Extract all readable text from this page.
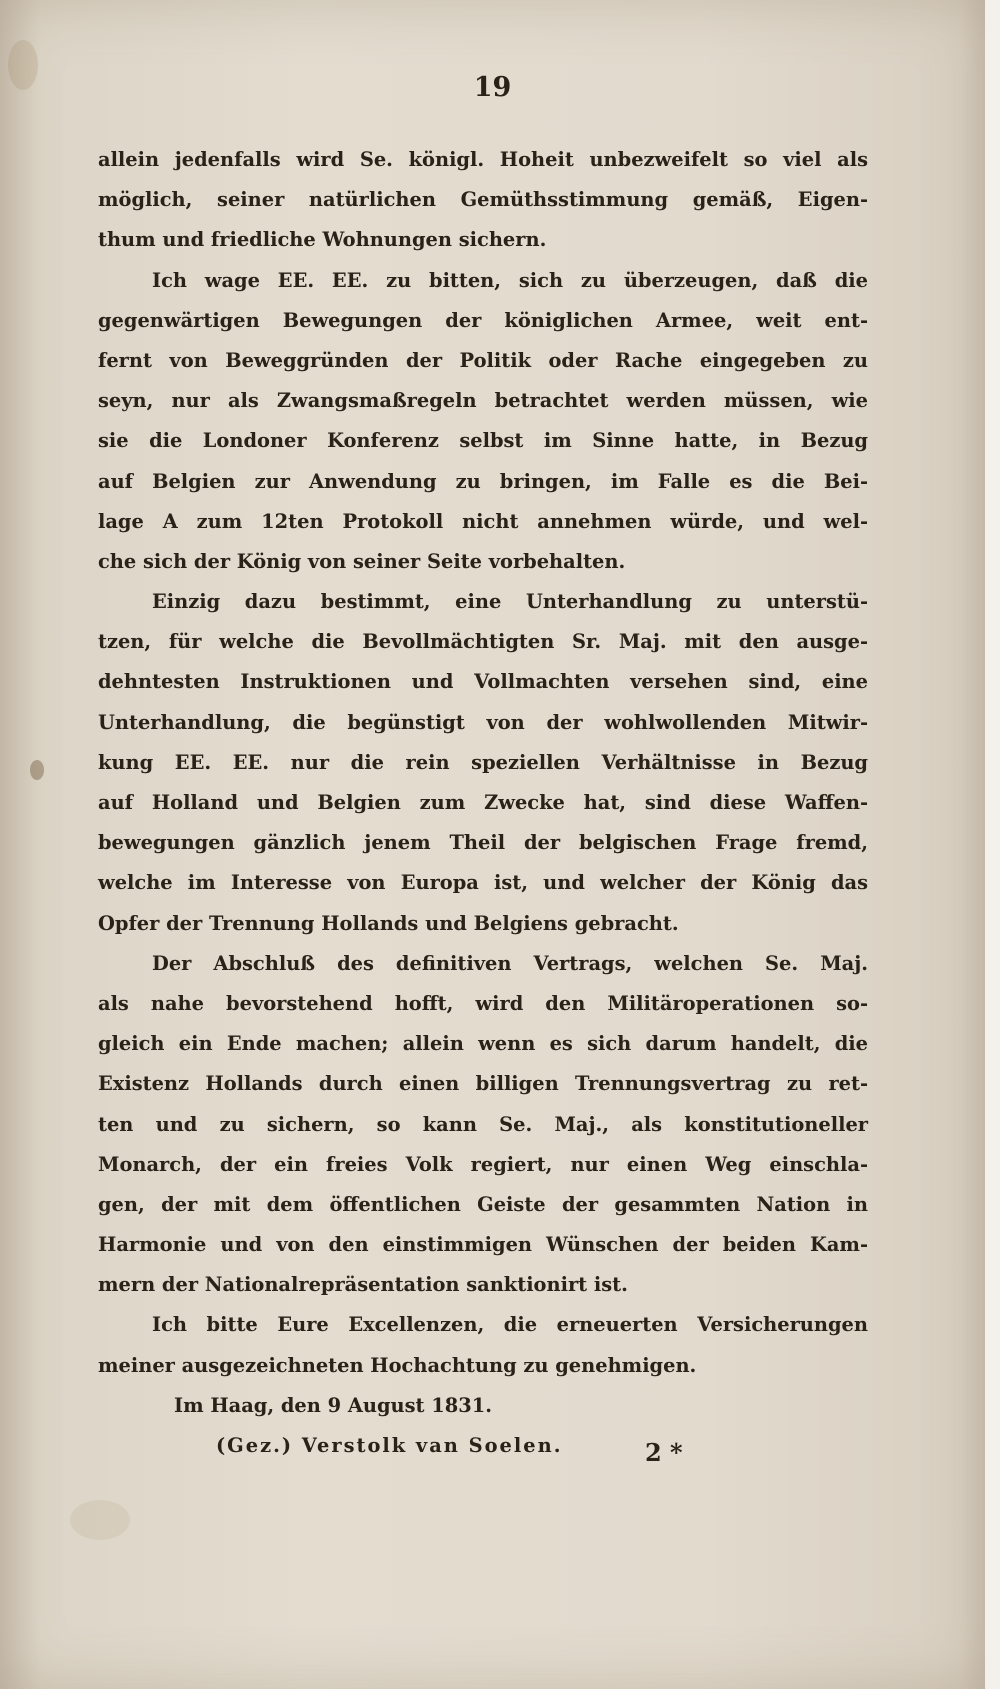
19
allein jedenfalls wird Se. königl. Hoheit unbezweifelt so viel als
möglich, seiner natürlichen Gemüthsstimmung gemäß, Eigen-
thum und friedliche Wohnungen sichern.
Ich wage EE. EE. zu bitten, sich zu überzeugen, daß die
gegenwärtigen Bewegungen der königlichen Armee, weit ent-
fernt von Beweggründen der Politik oder Rache eingegeben zu
seyn, nur als Zwangsmaßregeln betrachtet werden müssen, wie
sie die Londoner Konferenz selbst im Sinne hatte, in Bezug
auf Belgien zur Anwendung zu bringen, im Falle es die Bei-
lage A zum 12ten Protokoll nicht annehmen würde, und wel-
che sich der König von seiner Seite vorbehalten.
Einzig dazu bestimmt, eine Unterhandlung zu unterstü-
tzen, für welche die Bevollmächtigten Sr. Maj. mit den ausge-
dehntesten Instruktionen und Vollmachten versehen sind, eine
Unterhandlung, die begünstigt von der wohlwollenden Mitwir-
kung EE. EE. nur die rein speziellen Verhältnisse in Bezug
auf Holland und Belgien zum Zwecke hat, sind diese Waffen-
bewegungen gänzlich jenem Theil der belgischen Frage fremd,
welche im Interesse von Europa ist, und welcher der König das
Opfer der Trennung Hollands und Belgiens gebracht.
Der Abschluß des definitiven Vertrags, welchen Se. Maj.
als nahe bevorstehend hofft, wird den Militäroperationen so-
gleich ein Ende machen; allein wenn es sich darum handelt, die
Existenz Hollands durch einen billigen Trennungsvertrag zu ret-
ten und zu sichern, so kann Se. Maj., als konstitutioneller
Monarch, der ein freies Volk regiert, nur einen Weg einschla-
gen, der mit dem öffentlichen Geiste der gesammten Nation in
Harmonie und von den einstimmigen Wünschen der beiden Kam-
mern der Nationalrepräsentation sanktionirt ist.
Ich bitte Eure Excellenzen, die erneuerten Versicherungen
meiner ausgezeichneten Hochachtung zu genehmigen.
Im Haag, den 9 August 1831.
(Gez.) Verstolk van Soelen.	2 *
